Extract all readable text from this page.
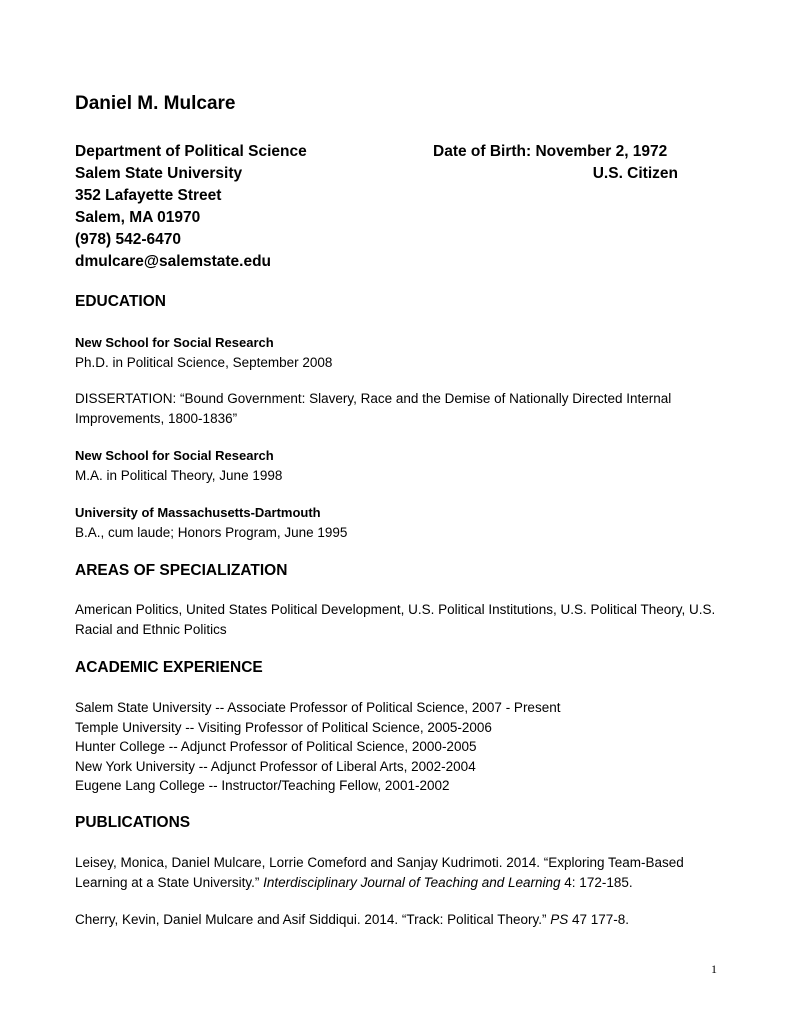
Daniel M. Mulcare
Department of Political Science
Salem State University
352 Lafayette Street
Salem, MA 01970
(978) 542-6470
dmulcare@salemstate.edu
Date of Birth: November 2, 1972
U.S. Citizen
EDUCATION
New School for Social Research
Ph.D. in Political Science, September 2008
DISSERTATION: “Bound Government: Slavery, Race and the Demise of Nationally Directed Internal Improvements, 1800-1836”
New School for Social Research
M.A. in Political Theory, June 1998
University of Massachusetts-Dartmouth
B.A., cum laude; Honors Program, June 1995
AREAS OF SPECIALIZATION
American Politics, United States Political Development, U.S. Political Institutions, U.S. Political Theory, U.S. Racial and Ethnic Politics
ACADEMIC EXPERIENCE
Salem State University -- Associate Professor of Political Science, 2007 - Present
Temple University -- Visiting Professor of Political Science, 2005-2006
Hunter College -- Adjunct Professor of Political Science, 2000-2005
New York University -- Adjunct Professor of Liberal Arts, 2002-2004
Eugene Lang College -- Instructor/Teaching Fellow, 2001-2002
PUBLICATIONS
Leisey, Monica, Daniel Mulcare, Lorrie Comeford and Sanjay Kudrimoti. 2014. “Exploring Team-Based Learning at a State University.” Interdisciplinary Journal of Teaching and Learning 4: 172-185.
Cherry, Kevin, Daniel Mulcare and Asif Siddiqui. 2014. “Track: Political Theory.” PS 47 177-8.
1
